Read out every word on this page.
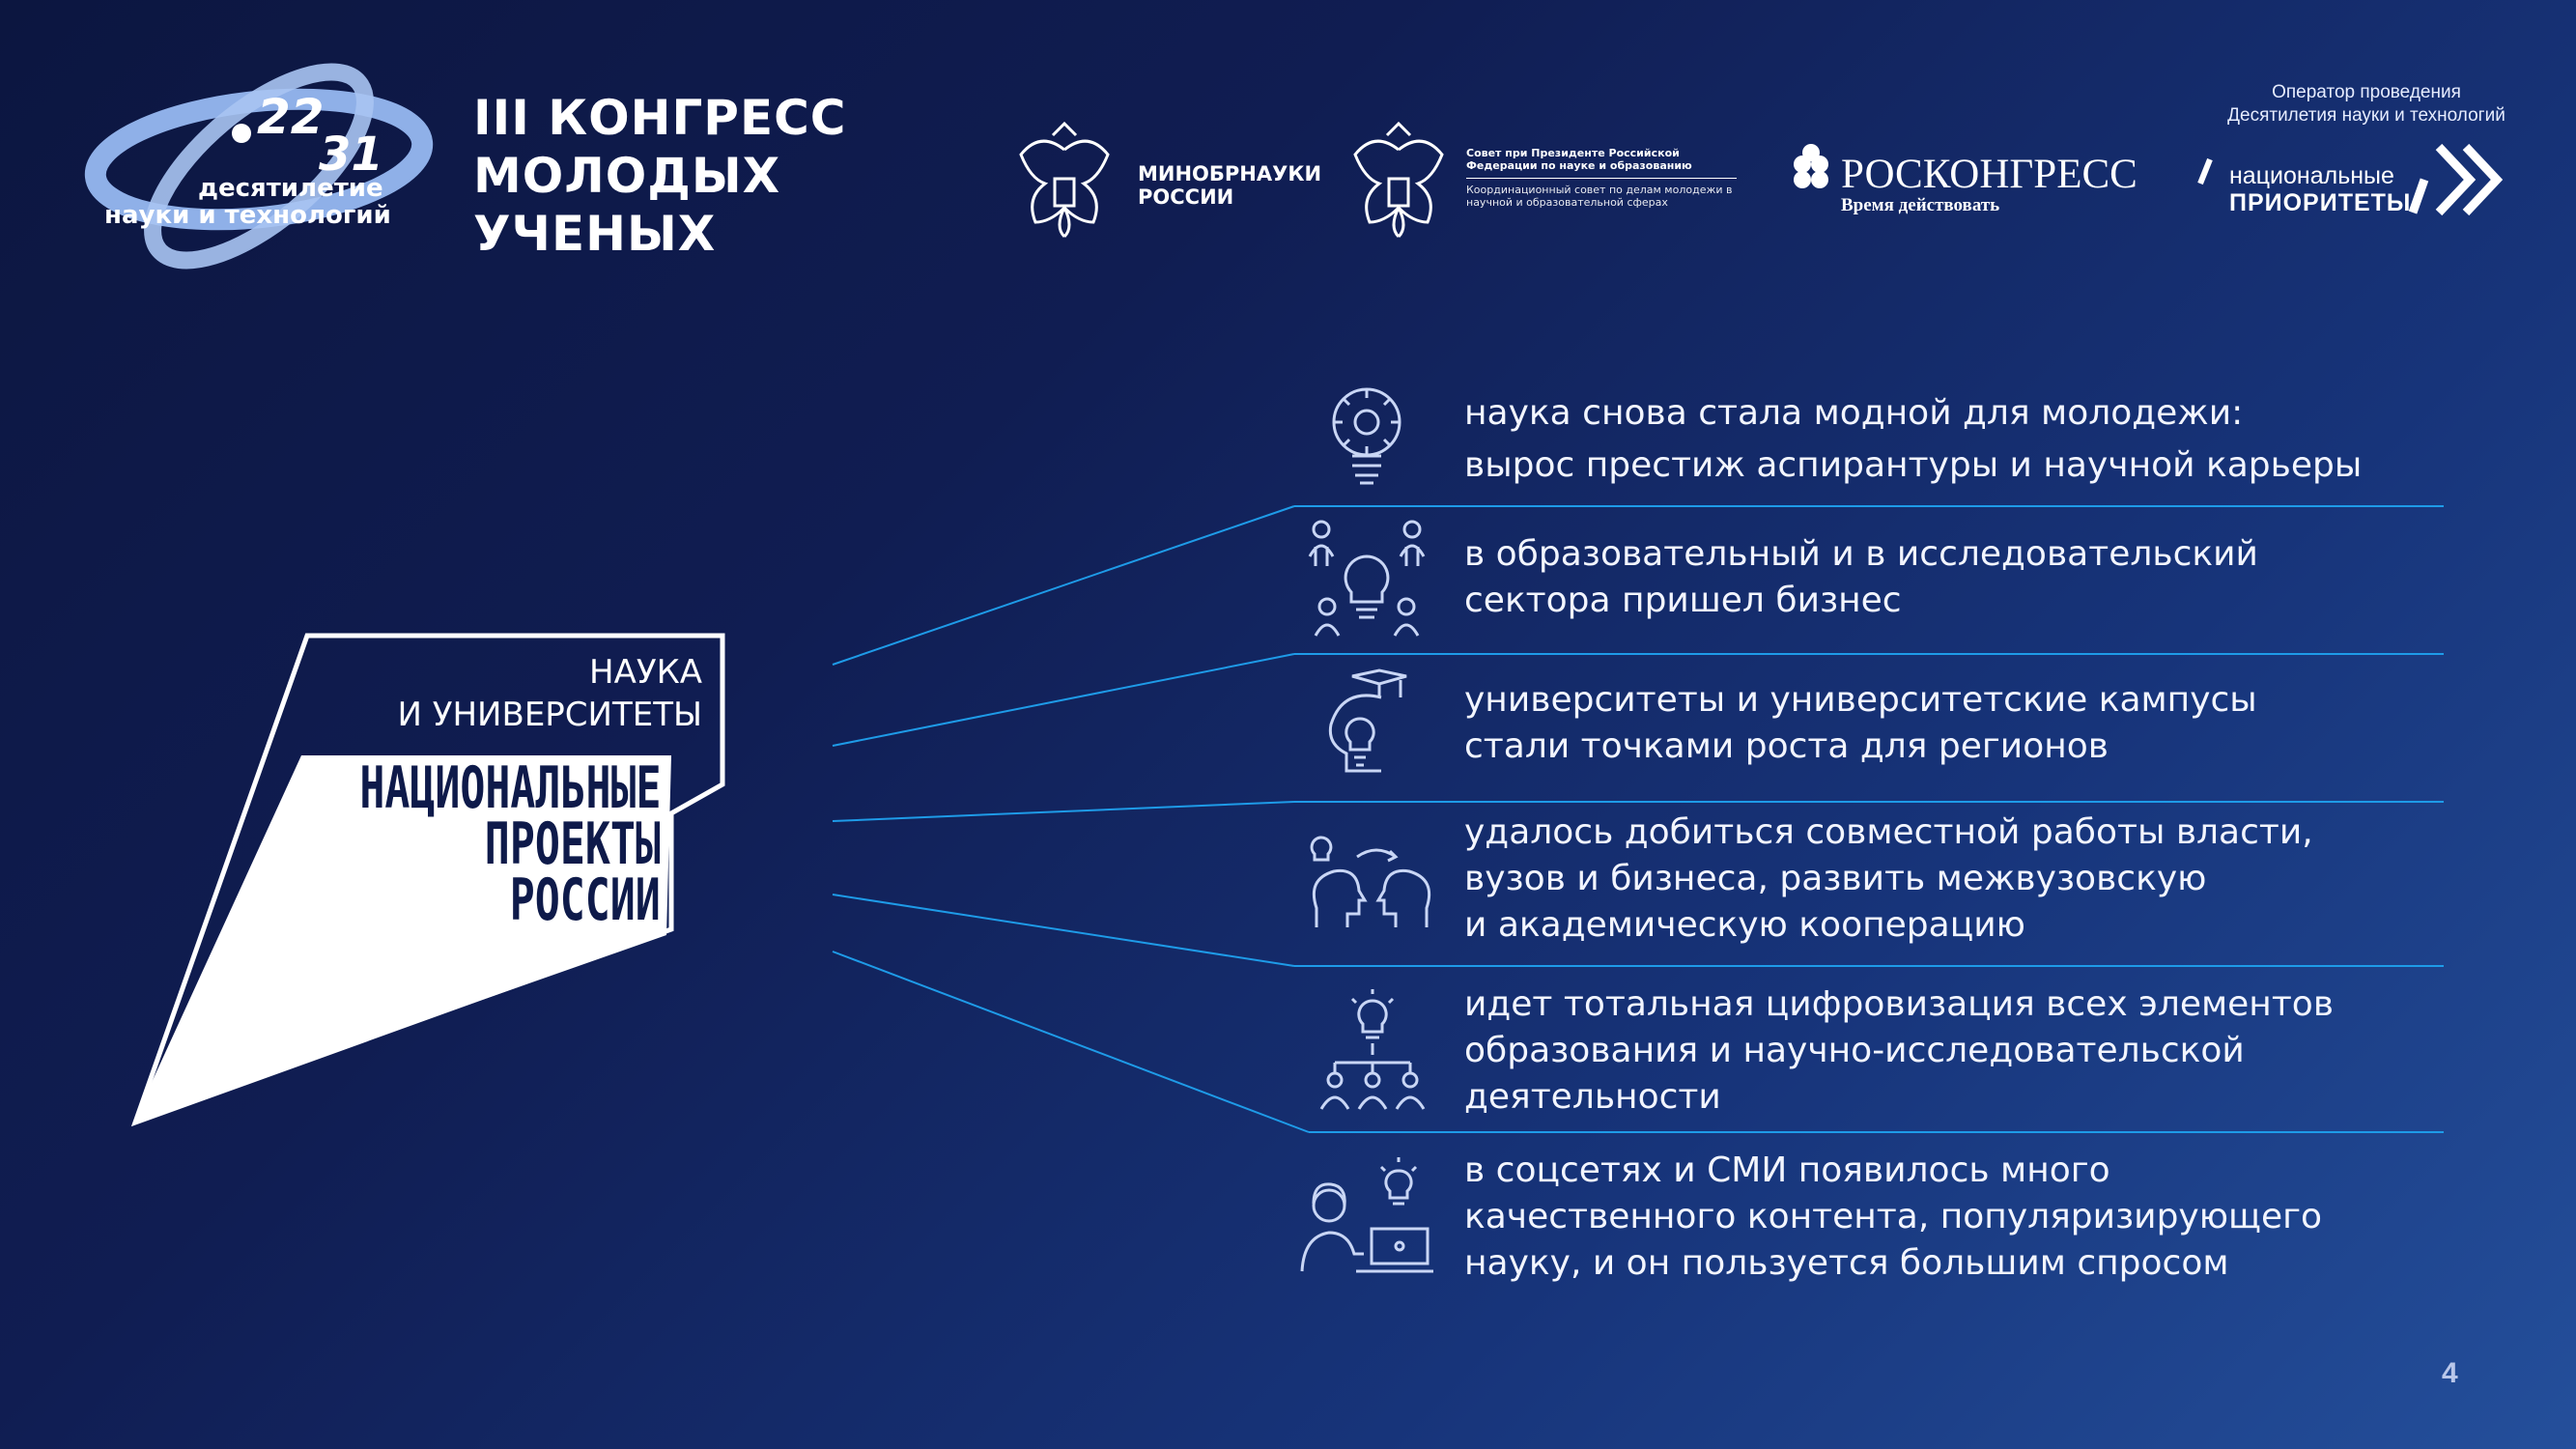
22
31
десятилетие
науки и технологий
III КОНГРЕСС
МОЛОДЫХ
УЧЕНЫХ
МИНОБРНАУКИ
РОССИИ
Совет при Президенте Российской Федерации по науке и образованию
Координационный совет по делам молодежи в научной и образовательной сферах
РОСКОНГРЕСС
Время действовать
Оператор проведения
Десятилетия науки и технологий
национальные
ПРИОРИТЕТЫ
НАУКА
И УНИВЕРСИТЕТЫ
НАЦИОНАЛЬНЫЕ
ПРОЕКТЫ
РОССИИ
наука снова стала модной для молодежи:
вырос престиж аспирантуры и научной карьеры
в образовательный и в исследовательский
сектора пришел бизнес
университеты и университетские кампусы
стали точками роста для регионов
удалось добиться совместной работы власти,
вузов и бизнеса, развить межвузовскую
и академическую кооперацию
идет тотальная цифровизация всех элементов
образования и научно-исследовательской
деятельности
в соцсетях и СМИ появилось много
качественного контента, популяризирующего
науку, и он пользуется большим спросом
4
